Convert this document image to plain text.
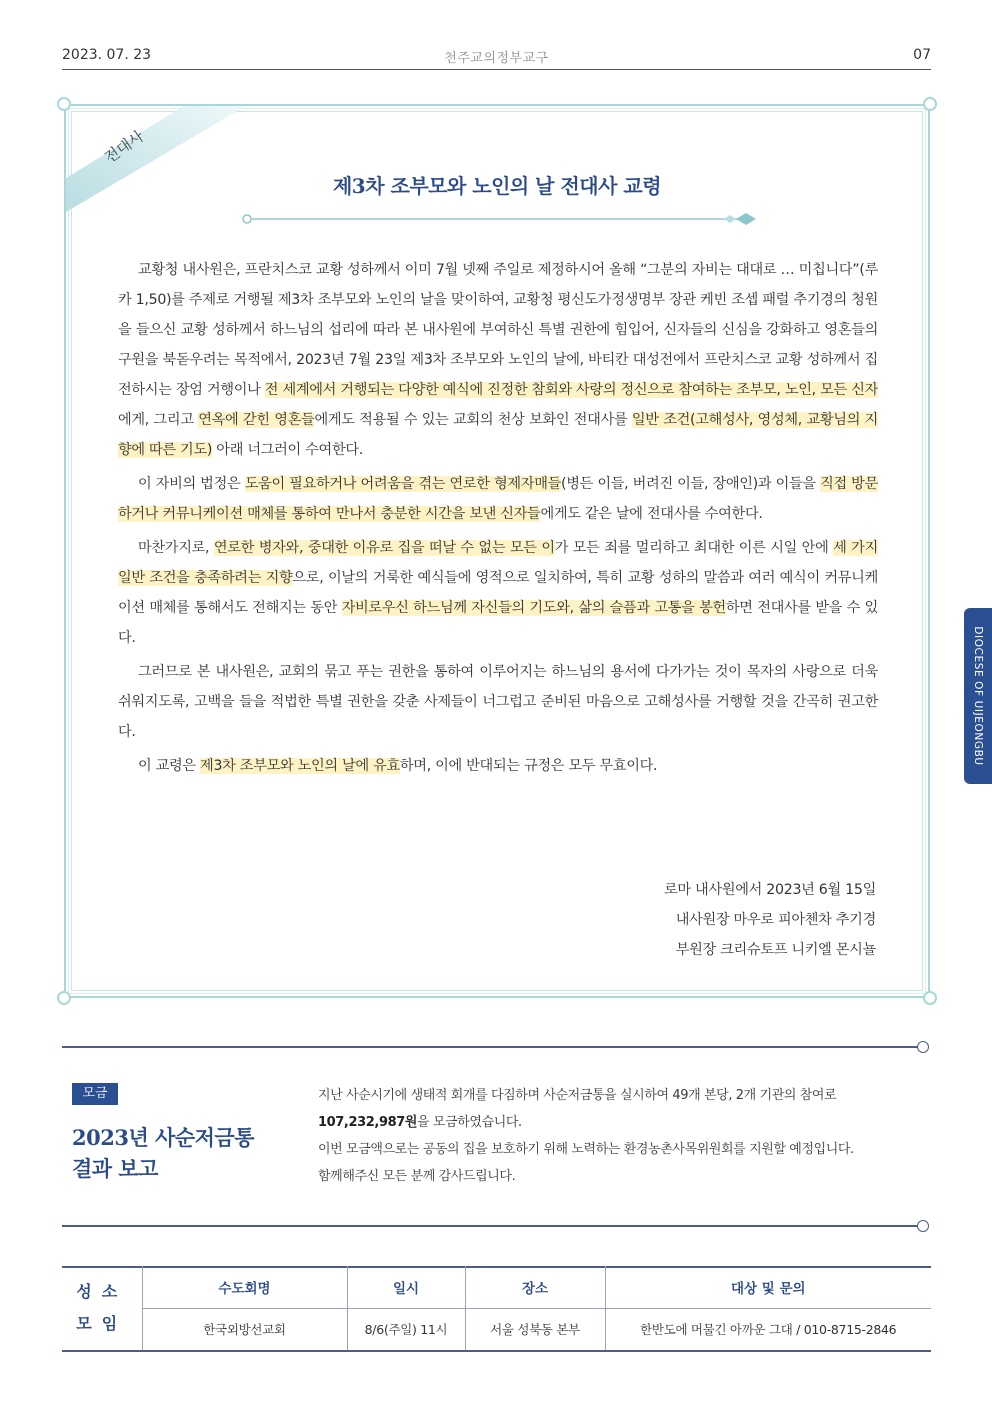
2023. 07. 23	천주교의정부교구	07
전대사
제3차 조부모와 노인의 날 전대사 교령

교황청 내사원은, 프란치스코 교황 성하께서 이미 7월 넷째 주일로 제정하시어 올해 “그분의 자비는 대대로 … 미칩니다”(루카 1,50)를 주제로 거행될 제3차 조부모와 노인의 날을 맞이하여, 교황청 평신도가정생명부 장관 케빈 조셉 패럴 추기경의 청원을 들으신 교황 성하께서 하느님의 섭리에 따라 본 내사원에 부여하신 특별 권한에 힘입어, 신자들의 신심을 강화하고 영혼들의 구원을 북돋우려는 목적에서, 2023년 7월 23일 제3차 조부모와 노인의 날에, 바티칸 대성전에서 프란치스코 교황 성하께서 집전하시는 장엄 거행이나 전 세계에서 거행되는 다양한 예식에 진정한 참회와 사랑의 정신으로 참여하는 조부모, 노인, 모든 신자에게, 그리고 연옥에 갇힌 영혼들에게도 적용될 수 있는 교회의 천상 보화인 전대사를 일반 조건(고해성사, 영성체, 교황님의 지향에 따른 기도) 아래 너그러이 수여한다.

이 자비의 법정은 도움이 필요하거나 어려움을 겪는 연로한 형제자매들(병든 이들, 버려진 이들, 장애인)과 이들을 직접 방문하거나 커뮤니케이션 매체를 통하여 만나서 충분한 시간을 보낸 신자들에게도 같은 날에 전대사를 수여한다.

마찬가지로, 연로한 병자와, 중대한 이유로 집을 떠날 수 없는 모든 이가 모든 죄를 멀리하고 최대한 이른 시일 안에 세 가지 일반 조건을 충족하려는 지향으로, 이날의 거룩한 예식들에 영적으로 일치하여, 특히 교황 성하의 말씀과 여러 예식이 커뮤니케이션 매체를 통해서도 전해지는 동안 자비로우신 하느님께 자신들의 기도와, 삶의 슬픔과 고통을 봉헌하면 전대사를 받을 수 있다.

그러므로 본 내사원은, 교회의 묶고 푸는 권한을 통하여 이루어지는 하느님의 용서에 다가가는 것이 목자의 사랑으로 더욱 쉬워지도록, 고백을 들을 적법한 특별 권한을 갖춘 사제들이 너그럽고 준비된 마음으로 고해성사를 거행할 것을 간곡히 권고한다.

이 교령은 제3차 조부모와 노인의 날에 유효하며, 이에 반대되는 규정은 모두 무효이다.

로마 내사원에서 2023년 6월 15일
내사원장 마우로 피아첸차 추기경
부원장 크리슈토프 니키엘 몬시뇰
DIOCESE OF UIJEONGBU
모금
2023년 사순저금통
결과 보고
지난 사순시기에 생태적 회개를 다짐하며 사순저금통을 실시하여 49개 본당, 2개 기관의 참여로
107,232,987원을 모금하였습니다.
이번 모금액으로는 공동의 집을 보호하기 위해 노력하는 환경농촌사목위원회를 지원할 예정입니다.
함께해주신 모든 분께 감사드립니다.
성소
모임	수도회명	일시	장소	대상 및 문의
	한국외방선교회	8/6(주일) 11시	서울 성북동 본부	한반도에 머물긴 아까운 그대 / 010-8715-2846
